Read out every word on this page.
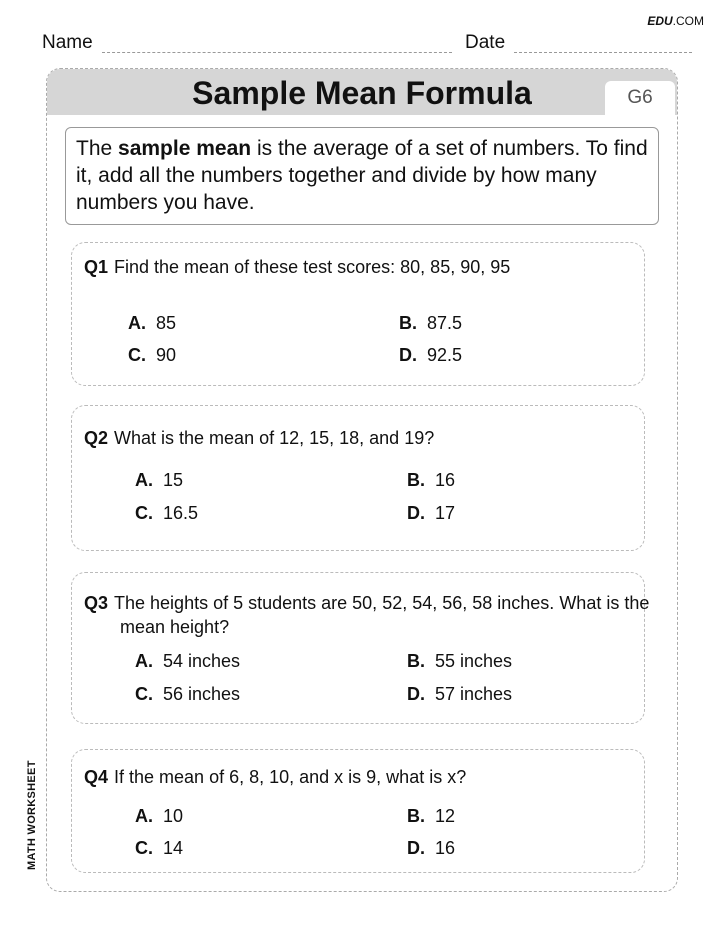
EDU.COM
Name	Date
MATH WORKSHEET
Sample Mean Formula	G6
The sample mean is the average of a set of numbers. To find it, add all the numbers together and divide by how many numbers you have.
Q1 Find the mean of these test scores: 80, 85, 90, 95
A. 85	B. 87.5
C. 90	D. 92.5
Q2 What is the mean of 12, 15, 18, and 19?
A. 15	B. 16
C. 16.5	D. 17
Q3 The heights of 5 students are 50, 52, 54, 56, 58 inches. What is the mean height?
A. 54 inches	B. 55 inches
C. 56 inches	D. 57 inches
Q4 If the mean of 6, 8, 10, and x is 9, what is x?
A. 10	B. 12
C. 14	D. 16
